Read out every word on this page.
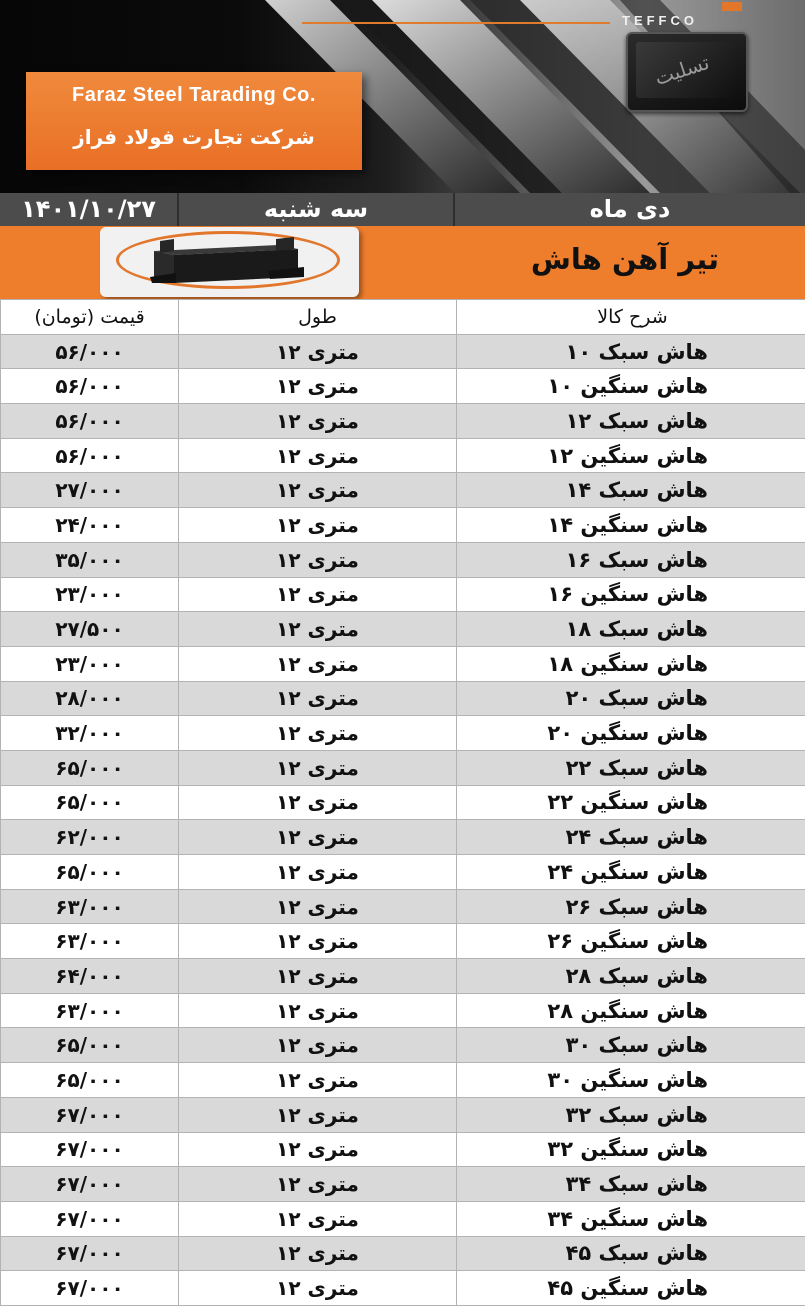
TEFFCO
تسلیت
Faraz Steel Tarading Co.
شرکت تجارت فولاد فراز
۱۴۰۱/۱۰/۲۷	سه شنبه	دی ماه
تیر آهن هاش
قیمت (تومان)	طول	شرح کالا
۵۶/۰۰۰	۱۲ متری	هاش سبک ۱۰
۵۶/۰۰۰	۱۲ متری	هاش سنگین ۱۰
۵۶/۰۰۰	۱۲ متری	هاش سبک ۱۲
۵۶/۰۰۰	۱۲ متری	هاش سنگین ۱۲
۲۷/۰۰۰	۱۲ متری	هاش سبک ۱۴
۲۴/۰۰۰	۱۲ متری	هاش سنگین ۱۴
۳۵/۰۰۰	۱۲ متری	هاش سبک ۱۶
۲۳/۰۰۰	۱۲ متری	هاش سنگین ۱۶
۲۷/۵۰۰	۱۲ متری	هاش سبک ۱۸
۲۳/۰۰۰	۱۲ متری	هاش سنگین ۱۸
۲۸/۰۰۰	۱۲ متری	هاش سبک ۲۰
۳۲/۰۰۰	۱۲ متری	هاش سنگین ۲۰
۶۵/۰۰۰	۱۲ متری	هاش سبک ۲۲
۶۵/۰۰۰	۱۲ متری	هاش سنگین ۲۲
۶۲/۰۰۰	۱۲ متری	هاش سبک ۲۴
۶۵/۰۰۰	۱۲ متری	هاش سنگین ۲۴
۶۳/۰۰۰	۱۲ متری	هاش سبک ۲۶
۶۳/۰۰۰	۱۲ متری	هاش سنگین ۲۶
۶۴/۰۰۰	۱۲ متری	هاش سبک ۲۸
۶۳/۰۰۰	۱۲ متری	هاش سنگین ۲۸
۶۵/۰۰۰	۱۲ متری	هاش سبک ۳۰
۶۵/۰۰۰	۱۲ متری	هاش سنگین ۳۰
۶۷/۰۰۰	۱۲ متری	هاش سبک ۳۲
۶۷/۰۰۰	۱۲ متری	هاش سنگین ۳۲
۶۷/۰۰۰	۱۲ متری	هاش سبک ۳۴
۶۷/۰۰۰	۱۲ متری	هاش سنگین ۳۴
۶۷/۰۰۰	۱۲ متری	هاش سبک ۴۵
۶۷/۰۰۰	۱۲ متری	هاش سنگین ۴۵
